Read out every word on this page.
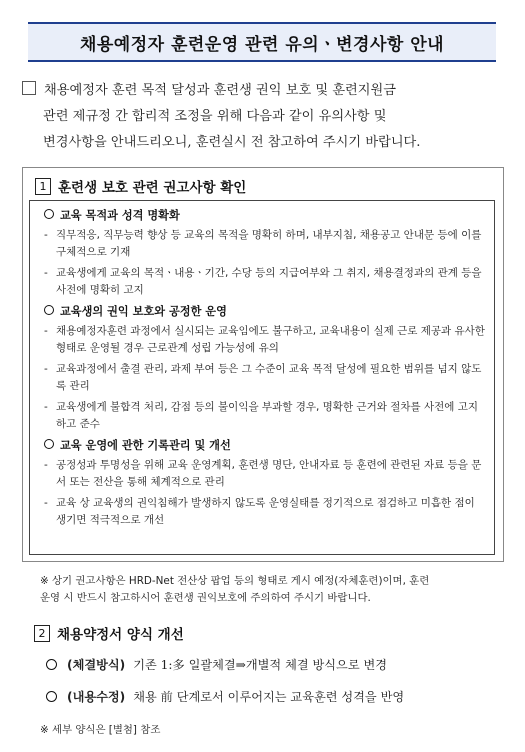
채용예정자 훈련운영 관련 유의ㆍ변경사항 안내
채용예정자 훈련 목적 달성과 훈련생 권익 보호 및 훈련지원금
관련 제규정 간 합리적 조정을 위해 다음과 같이 유의사항 및
변경사항을 안내드리오니, 훈련실시 전 참고하여 주시기 바랍니다.
1 훈련생 보호 관련 권고사항 확인
교육 목적과 성격 명확화
- 직무적응, 직무능력 향상 등 교육의 목적을 명확히 하며, 내부지침, 채용공고 안내문 등에 이를 구체적으로 기재
- 교육생에게 교육의 목적ㆍ내용ㆍ기간, 수당 등의 지급여부와 그 취지, 채용결정과의 관계 등을 사전에 명확히 고지
교육생의 권익 보호와 공정한 운영
- 채용예정자훈련 과정에서 실시되는 교육임에도 불구하고, 교육내용이 실제 근로 제공과 유사한 형태로 운영될 경우 근로관계 성립 가능성에 유의
- 교육과정에서 출결 관리, 과제 부여 등은 그 수준이 교육 목적 달성에 필요한 범위를 넘지 않도록 관리
- 교육생에게 불합격 처리, 감점 등의 불이익을 부과할 경우, 명확한 근거와 절차를 사전에 고지하고 준수
교육 운영에 관한 기록관리 및 개선
- 공정성과 투명성을 위해 교육 운영계획, 훈련생 명단, 안내자료 등 훈련에 관련된 자료 등을 문서 또는 전산을 통해 체계적으로 관리
- 교육 상 교육생의 권익침해가 발생하지 않도록 운영실태를 정기적으로 점검하고 미흡한 점이 생기면 적극적으로 개선
※ 상기 권고사항은 HRD-Net 전산상 팝업 등의 형태로 게시 예정(자체훈련)이며, 훈련
운영 시 반드시 참고하시어 훈련생 권익보호에 주의하여 주시기 바랍니다.
2 채용약정서 양식 개선
(체결방식) 기존 1:多 일괄체결⇒개별적 체결 방식으로 변경
(내용수정) 채용 前 단계로서 이루어지는 교육훈련 성격을 반영
※ 세부 양식은 [별첨] 참조
